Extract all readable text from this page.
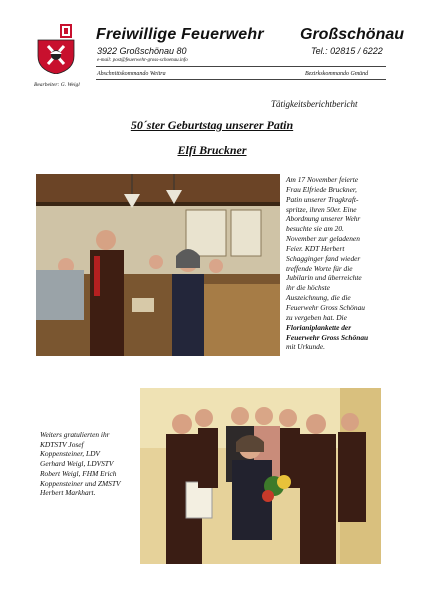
Freiwillige Feuerwehr Großschönau
3922 Großschönau 80	Tel.: 02815 / 6222
e-mail: post@feuerwehr-gross-schoenau.info
Abschnittskommando Weitra	Bezirkskommando Gmünd
Bearbeiter: G. Weigl
Tätigkeitsberichtbericht
50´ster Geburtstag unserer Patin
Elfi Bruckner
Am 17 November feierte
Frau Elfriede Bruckner,
Patin unserer Tragkraft-
spritze, ihren 50er. Eine
Abordnung unserer Wehr
besuchte sie am 20.
November zur geladenen
Feier. KDT Herbert
Schagginger fand wieder
treffende Worte für die
Jubilarin und überreichte
ihr die höchste
Auszeichnung, die die
Feuerwehr Gross Schönau
zu vergeben hat. Die
Florianiplankette der
Feuerwehr Gross Schönau
mit Urkunde.
Weiters gratulierten ihr
KDTSTV Josef
Koppensteiner, LDV
Gerhard Weigl, LDVSTV
Robert Weigl, FHM Erich
Koppensteiner und ZMSTV
Herbert Markhart.
